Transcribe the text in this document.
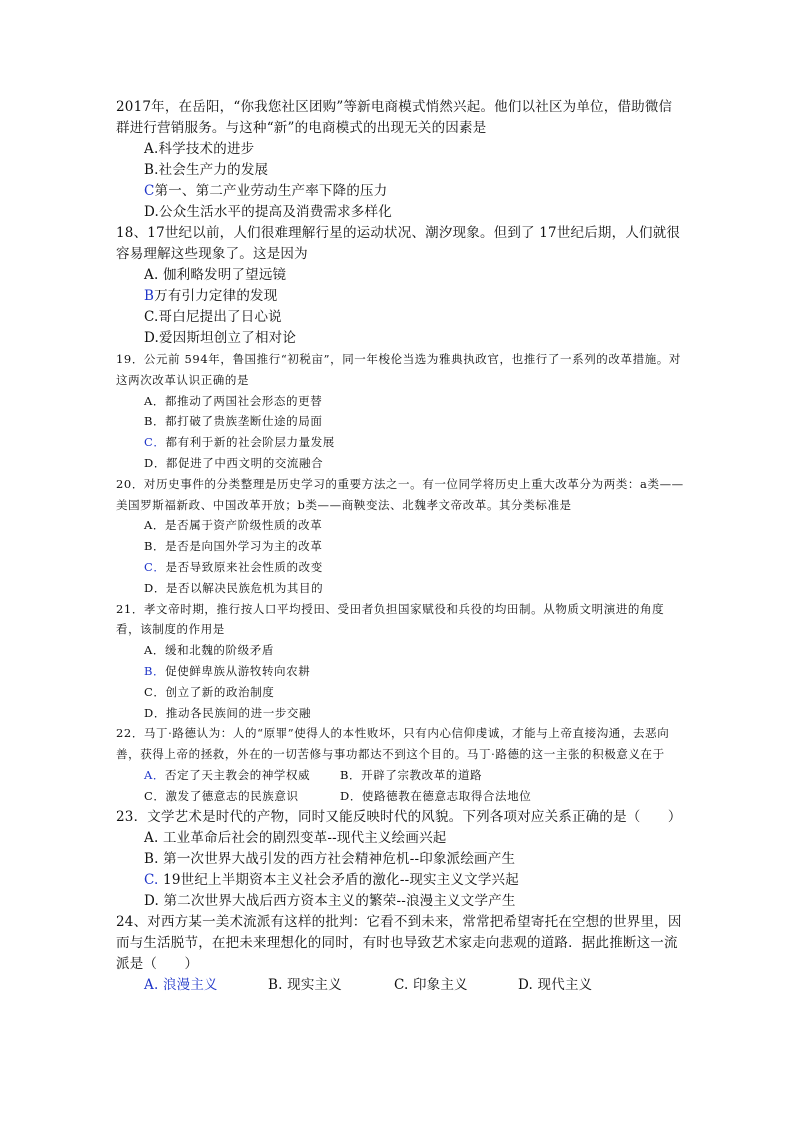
2017年，在岳阳，“你我您社区团购”等新电商模式悄然兴起。他们以社区为单位，借助微信群进行营销服务。与这种“新”的电商模式的出现无关的因素是

A.科学技术的进步

B.社会生产力的发展

C第一、第二产业劳动生产率下降的压力

D.公众生活水平的提高及消费需求多样化

18、17世纪以前，人们很难理解行星的运动状况、潮汐现象。但到了 17世纪后期，人们就很容易理解这些现象了。这是因为

A. 伽利略发明了望远镜

B万有引力定律的发现

C.哥白尼提出了日心说

D.爱因斯坦创立了相对论

19．公元前 594年，鲁国推行“初税亩”，同一年梭伦当选为雅典执政官，也推行了一系列的改革措施。对这两次改革认识正确的是

A．都推动了两国社会形态的更替

B．都打破了贵族垄断仕途的局面

C．都有利于新的社会阶层力量发展

D．都促进了中西文明的交流融合

20．对历史事件的分类整理是历史学习的重要方法之一。有一位同学将历史上重大改革分为两类：a类——美国罗斯福新政、中国改革开放；b类——商鞅变法、北魏孝文帝改革。其分类标准是

A．是否属于资产阶级性质的改革

B．是否是向国外学习为主的改革

C．是否导致原来社会性质的改变

D．是否以解决民族危机为其目的

21．孝文帝时期，推行按人口平均授田、受田者负担国家赋役和兵役的均田制。从物质文明演进的角度看，该制度的作用是

A．缓和北魏的阶级矛盾

B．促使鲜卑族从游牧转向农耕

C．创立了新的政治制度

D．推动各民族间的进一步交融

22．马丁·路德认为：人的“原罪”使得人的本性败坏，只有内心信仰虔诚，才能与上帝直接沟通，去恶向善，获得上帝的拯救，外在的一切苦修与事功都达不到这个目的。马丁·路德的这一主张的积极意义在于

A．否定了天主教会的神学权威	B．开辟了宗教改革的道路
C．激发了德意志的民族意识	D．使路德教在德意志取得合法地位

23．文学艺术是时代的产物，同时又能反映时代的风貌。下列各项对应关系正确的是（　　）

A. 工业革命后社会的剧烈变革--现代主义绘画兴起

B. 第一次世界大战引发的西方社会精神危机--印象派绘画产生

C. 19世纪上半期资本主义社会矛盾的激化--现实主义文学兴起

D. 第二次世界大战后西方资本主义的繁荣--浪漫主义文学产生

24、对西方某一美术流派有这样的批判：它看不到未来，常常把希望寄托在空想的世界里，因而与生活脱节，在把未来理想化的同时，有时也导致艺术家走向悲观的道路．据此推断这一流派是（　　）

A. 浪漫主义	B. 现实主义	C. 印象主义	D. 现代主义
